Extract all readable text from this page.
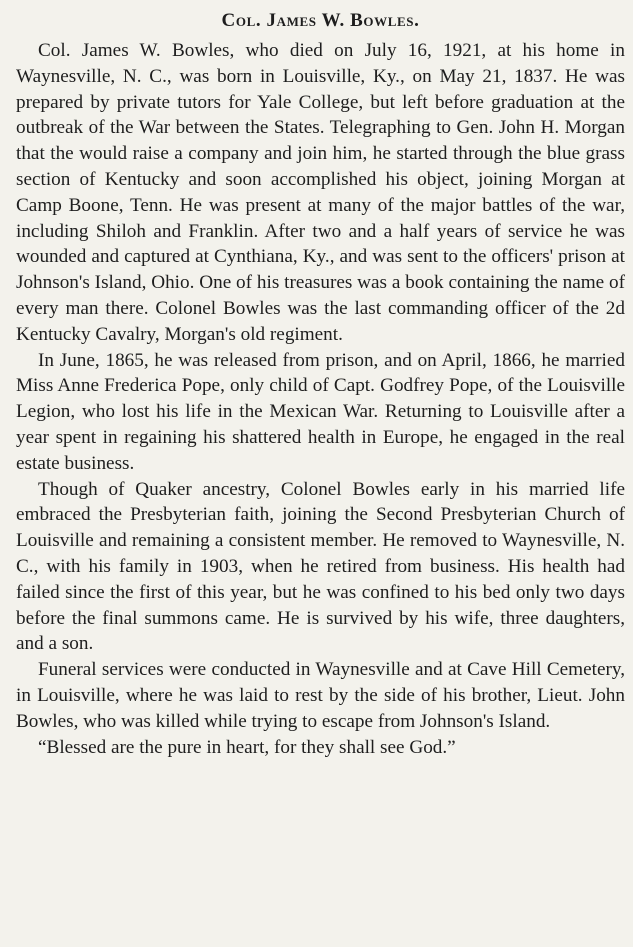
Col. James W. Bowles.

Col. James W. Bowles, who died on July 16, 1921, at his home in Waynesville, N. C., was born in Louisville, Ky., on May 21, 1837. He was prepared by private tutors for Yale College, but left before graduation at the outbreak of the War between the States. Telegraphing to Gen. John H. Morgan that the would raise a company and join him, he started through the blue grass section of Kentucky and soon accomplished his object, joining Morgan at Camp Boone, Tenn. He was present at many of the major battles of the war, including Shiloh and Franklin. After two and a half years of service he was wounded and captured at Cynthiana, Ky., and was sent to the officers' prison at Johnson's Island, Ohio. One of his treasures was a book containing the name of every man there. Colonel Bowles was the last commanding officer of the 2d Kentucky Cavalry, Morgan's old regiment.

In June, 1865, he was released from prison, and on April, 1866, he married Miss Anne Frederica Pope, only child of Capt. Godfrey Pope, of the Louisville Legion, who lost his life in the Mexican War. Returning to Louisville after a year spent in regaining his shattered health in Europe, he engaged in the real estate business.

Though of Quaker ancestry, Colonel Bowles early in his married life embraced the Presbyterian faith, joining the Second Presbyterian Church of Louisville and remaining a consistent member. He removed to Waynesville, N. C., with his family in 1903, when he retired from business. His health had failed since the first of this year, but he was confined to his bed only two days before the final summons came. He is survived by his wife, three daughters, and a son.

Funeral services were conducted in Waynesville and at Cave Hill Cemetery, in Louisville, where he was laid to rest by the side of his brother, Lieut. John Bowles, who was killed while trying to escape from Johnson's Island.

“Blessed are the pure in heart, for they shall see God.”
